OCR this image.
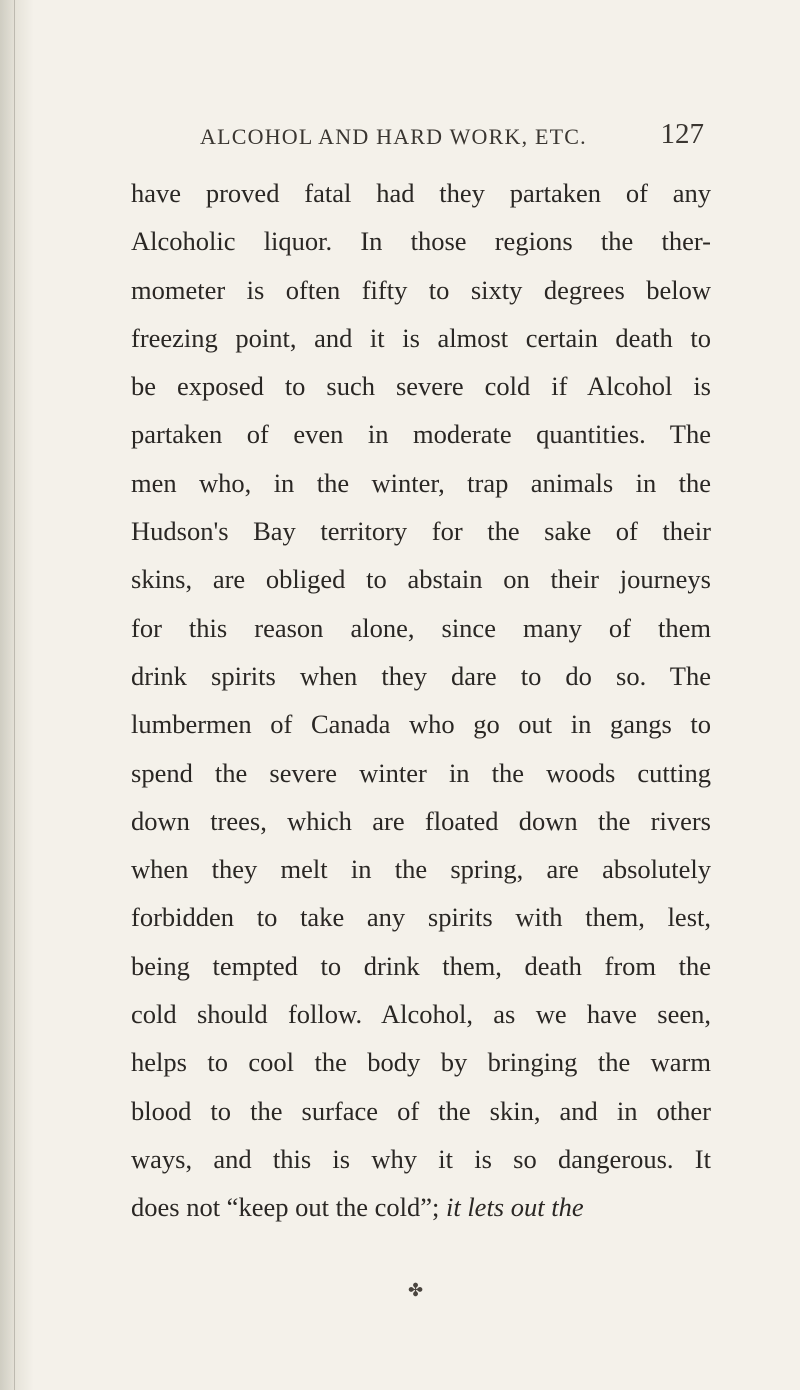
ALCOHOL AND HARD WORK, ETC.	127
have proved fatal had they partaken of any
Alcoholic liquor. In those regions the ther-
mometer is often fifty to sixty degrees below
freezing point, and it is almost certain death to
be exposed to such severe cold if Alcohol is
partaken of even in moderate quantities. The
men who, in the winter, trap animals in the
Hudson's Bay territory for the sake of their
skins, are obliged to abstain on their journeys
for this reason alone, since many of them
drink spirits when they dare to do so. The
lumbermen of Canada who go out in gangs to
spend the severe winter in the woods cutting
down trees, which are floated down the rivers
when they melt in the spring, are absolutely
forbidden to take any spirits with them, lest,
being tempted to drink them, death from the
cold should follow. Alcohol, as we have seen,
helps to cool the body by bringing the warm
blood to the surface of the skin, and in other
ways, and this is why it is so dangerous. It
does not “keep out the cold”; it lets out the
✤
